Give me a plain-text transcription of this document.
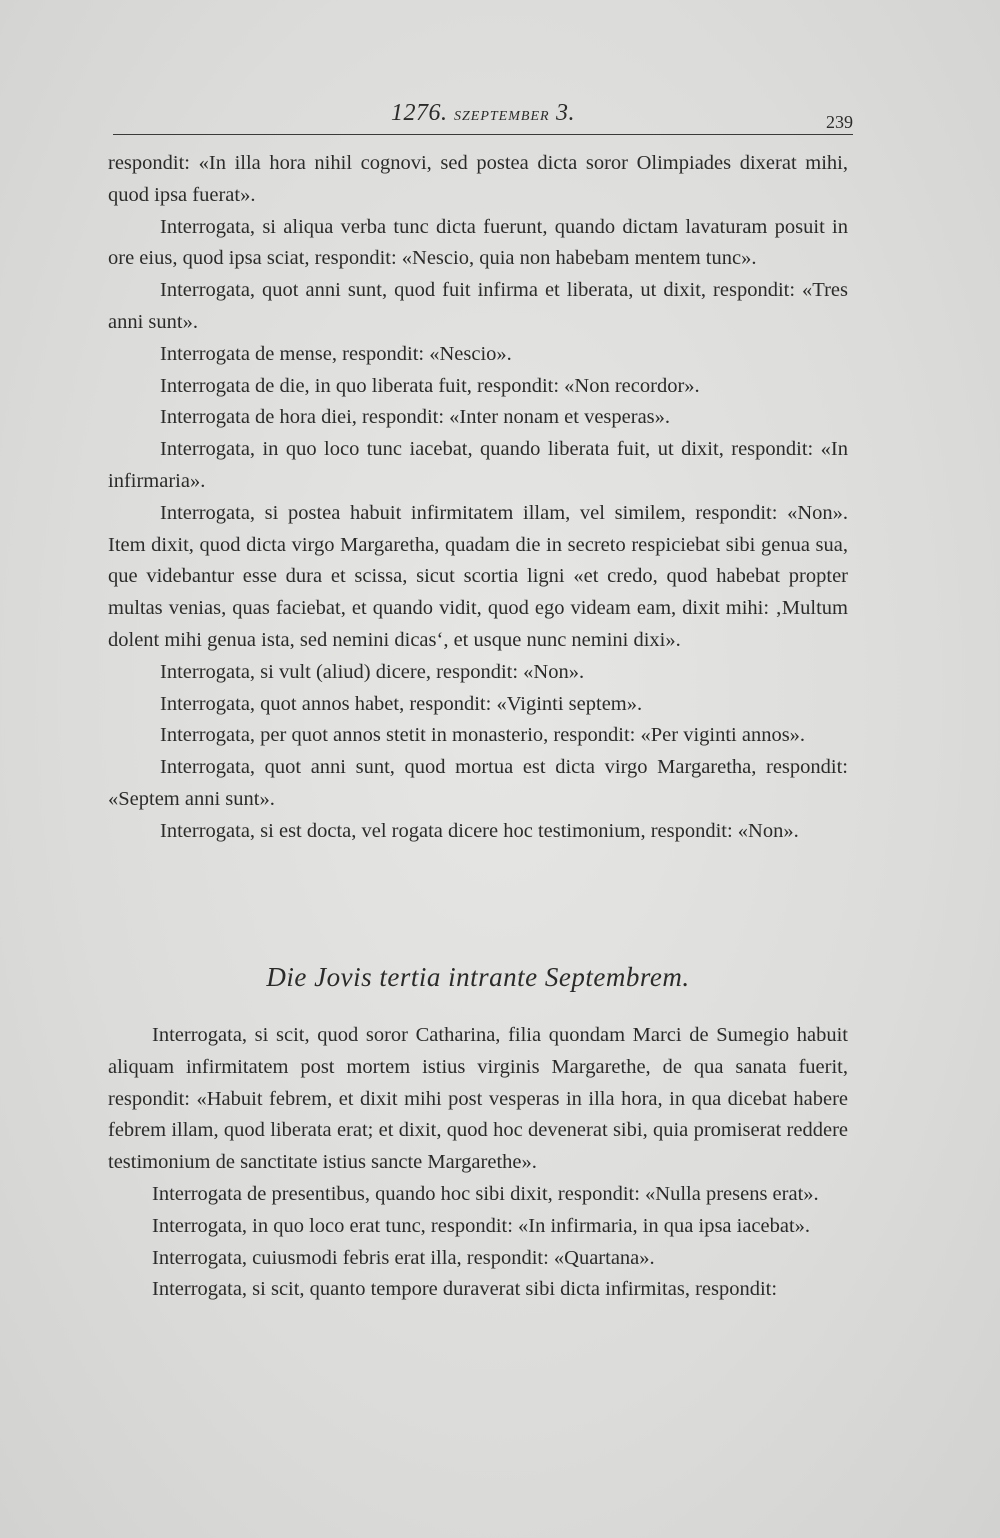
1276. SZEPTEMBER 3.	239

respondit: «In illa hora nihil cognovi, sed postea dicta soror Olimpiades dixerat mihi, quod ipsa fuerat».

Interrogata, si aliqua verba tunc dicta fuerunt, quando dictam lavaturam posuit in ore eius, quod ipsa sciat, respondit: «Nescio, quia non habebam mentem tunc».

Interrogata, quot anni sunt, quod fuit infirma et liberata, ut dixit, respondit: «Tres anni sunt».

Interrogata de mense, respondit: «Nescio».

Interrogata de die, in quo liberata fuit, respondit: «Non recordor».

Interrogata de hora diei, respondit: «Inter nonam et vesperas».

Interrogata, in quo loco tunc iacebat, quando liberata fuit, ut dixit, respondit: «In infirmaria».

Interrogata, si postea habuit infirmitatem illam, vel similem, respondit: «Non». Item dixit, quod dicta virgo Margaretha, quadam die in secreto respiciebat sibi genua sua, que videbantur esse dura et scissa, sicut scortia ligni «et credo, quod habebat propter multas venias, quas faciebat, et quando vidit, quod ego videam eam, dixit mihi: ‚Multum dolent mihi genua ista, sed nemini dicas‘, et usque nunc nemini dixi».

Interrogata, si vult (aliud) dicere, respondit: «Non».

Interrogata, quot annos habet, respondit: «Viginti septem».

Interrogata, per quot annos stetit in monasterio, respondit: «Per viginti annos».

Interrogata, quot anni sunt, quod mortua est dicta virgo Margaretha, respondit: «Septem anni sunt».

Interrogata, si est docta, vel rogata dicere hoc testimonium, respondit: «Non».

Die Jovis tertia intrante Septembrem.

Interrogata, si scit, quod soror Catharina, filia quondam Marci de Sumegio habuit aliquam infirmitatem post mortem istius virginis Margarethe, de qua sanata fuerit, respondit: «Habuit febrem, et dixit mihi post vesperas in illa hora, in qua dicebat habere febrem illam, quod liberata erat; et dixit, quod hoc devenerat sibi, quia promiserat reddere testimonium de sanctitate istius sancte Margarethe».

Interrogata de presentibus, quando hoc sibi dixit, respondit: «Nulla presens erat».

Interrogata, in quo loco erat tunc, respondit: «In infirmaria, in qua ipsa iacebat».

Interrogata, cuiusmodi febris erat illa, respondit: «Quartana».

Interrogata, si scit, quanto tempore duraverat sibi dicta infirmitas, respondit:
